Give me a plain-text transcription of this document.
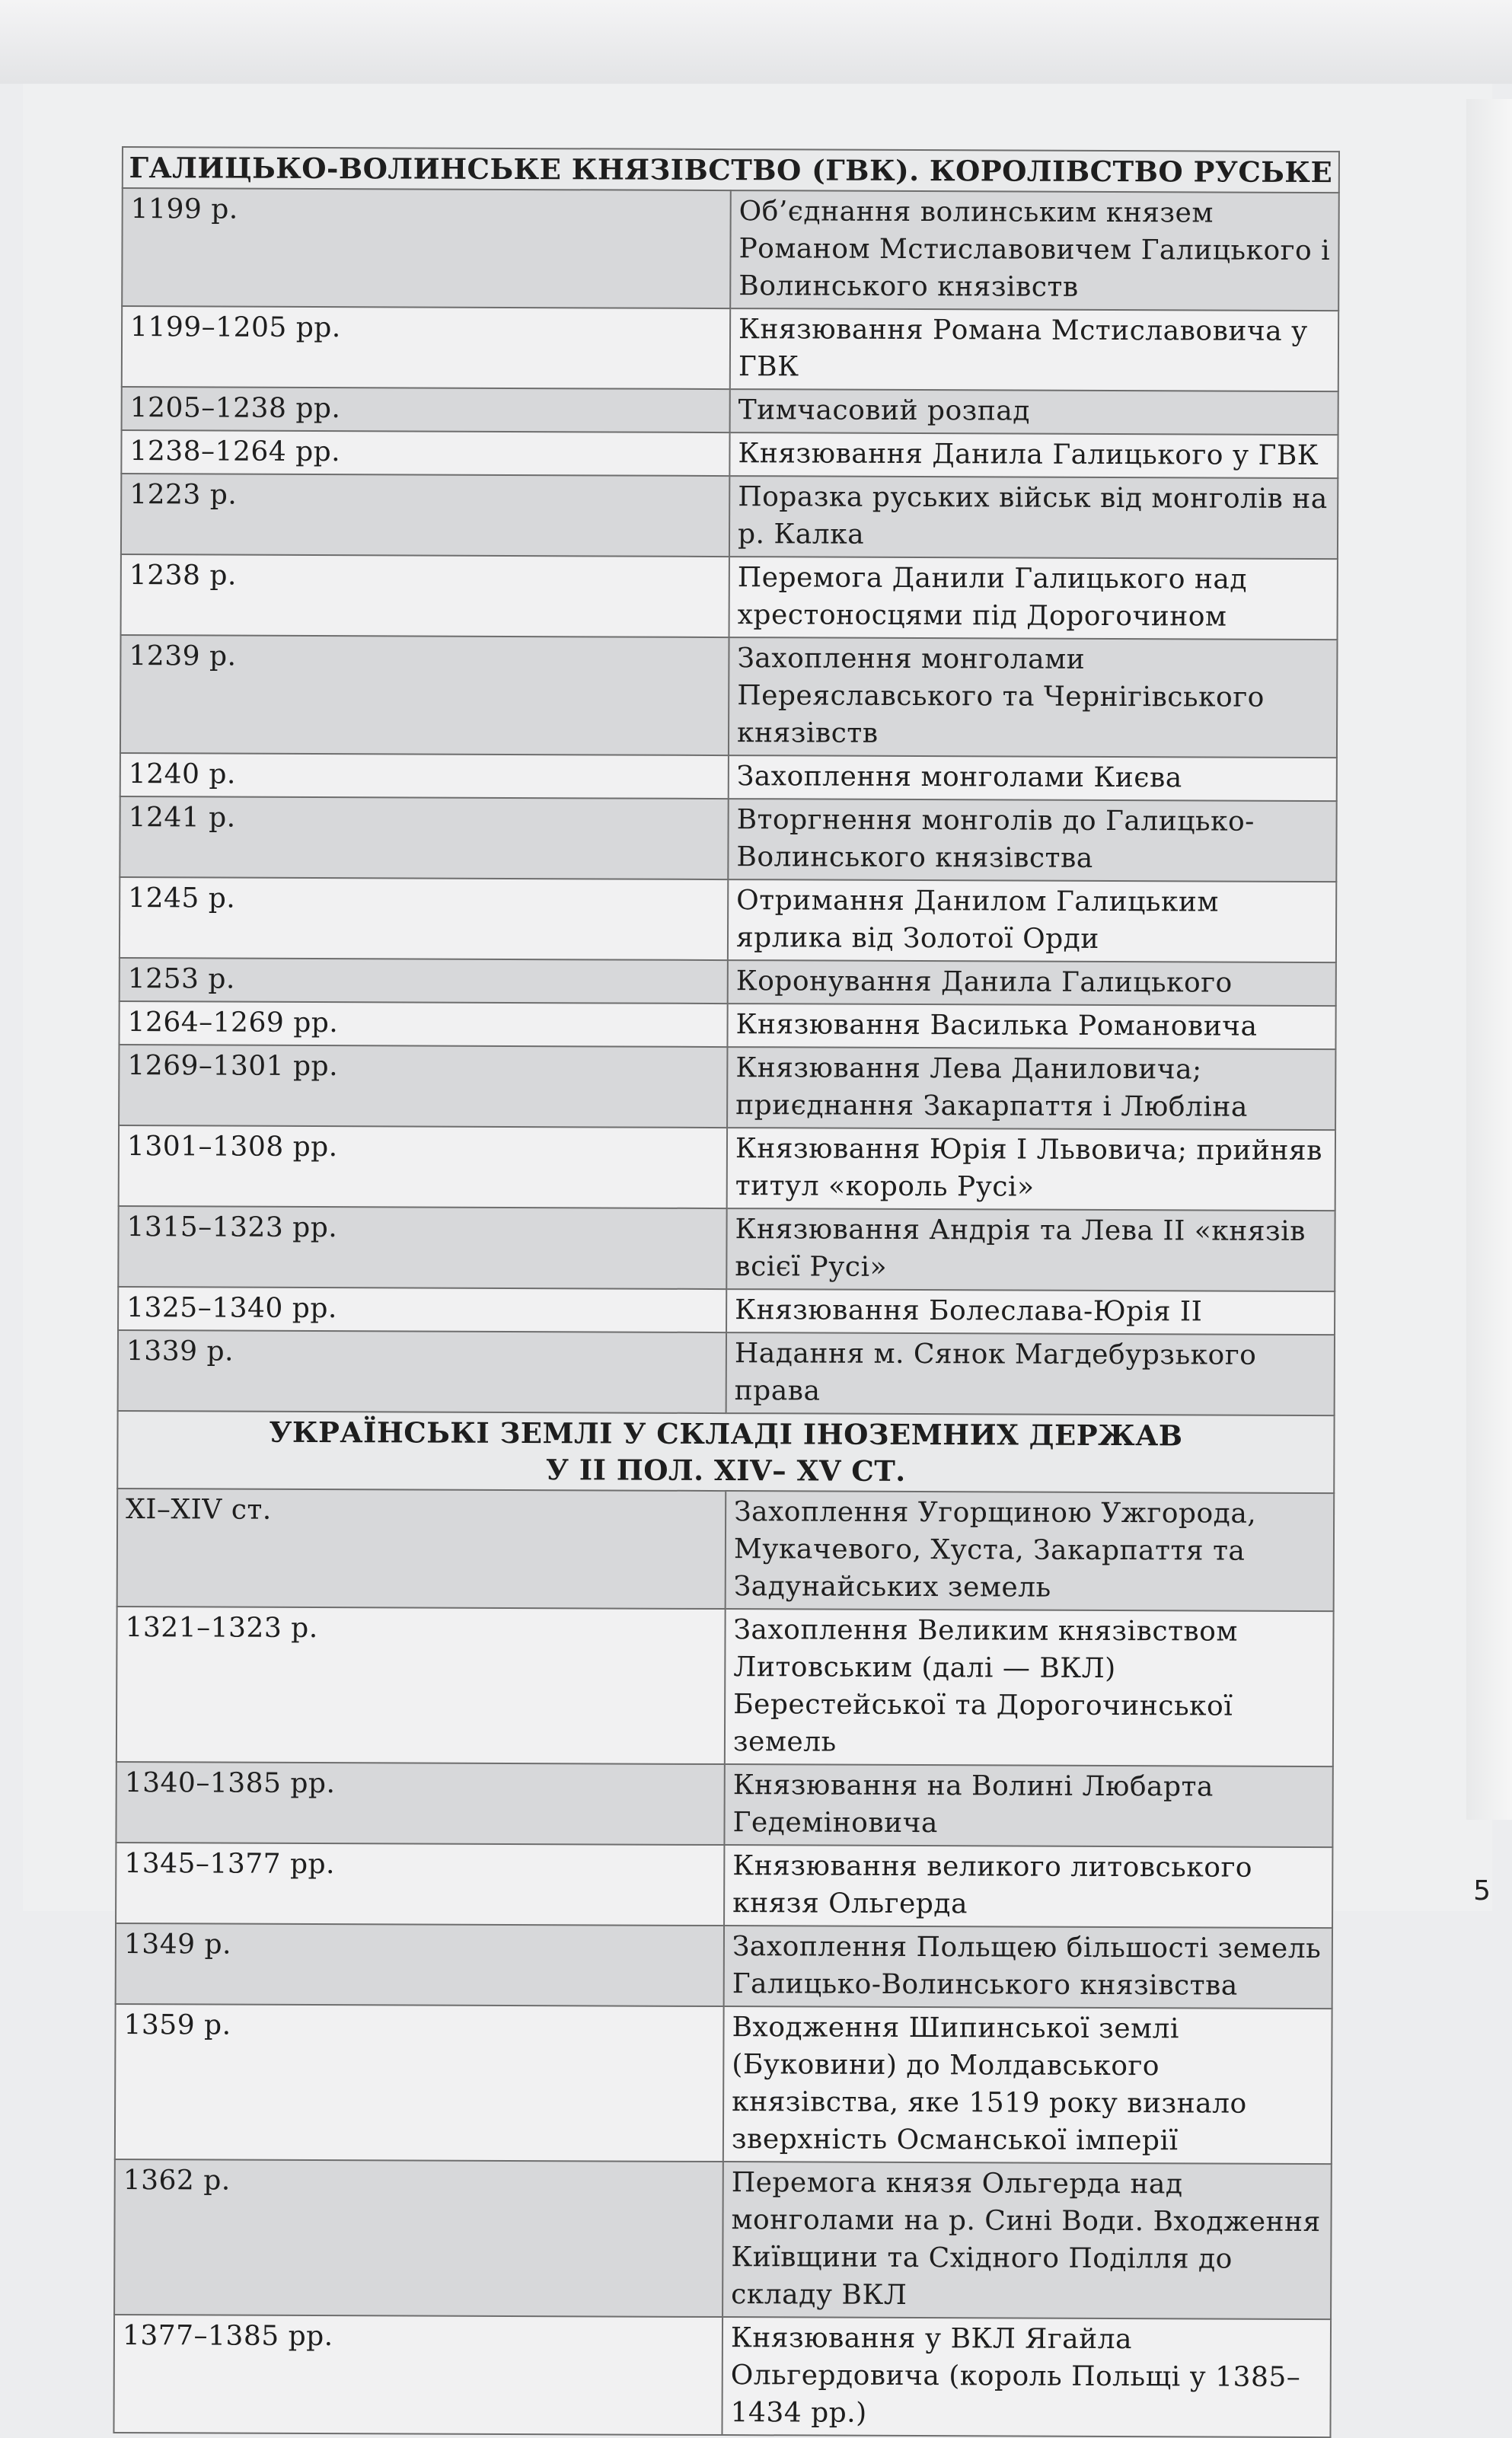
ГАЛИЦЬКО-ВОЛИНСЬКЕ КНЯЗІВСТВО (ГВК). КОРОЛІВСТВО РУСЬКЕ	

1199 р.	Об’єднання волинським князем Романом Мстиславовичем Галицького і Волинського князівств
1199–1205 рр.	Князювання Романа Мстиславовича у ГВК
1205–1238 рр.	Тимчасовий розпад
1238–1264 рр.	Князювання Данила Галицького у ГВК
1223 р.	Поразка руських військ від монголів на р. Калка
1238 р.	Перемога Данили Галицького над хрестоносцями під Дорогочином
1239 р.	Захоплення монголами Переяславського та Чернігівського князівств
1240 р.	Захоплення монголами Києва
1241 р.	Вторгнення монголів до Галицько-Волинського князівства
1245 р.	Отримання Данилом Галицьким ярлика від Золотої Орди
1253 р.	Коронування Данила Галицького
1264–1269 рр.	Князювання Василька Романовича
1269–1301 рр.	Князювання Лева Даниловича; приєднання Закарпаття і Любліна
1301–1308 рр.	Князювання Юрія I Львовича; прийняв титул «король Русі»
1315–1323 рр.	Князювання Андрія та Лева II «князів всієї Русі»
1325–1340 рр.	Князювання Болеслава-Юрія II
1339 р.	Надання м. Сянок Магдебурзького права

УКРАЇНСЬКІ ЗЕМЛІ У СКЛАДІ ІНОЗЕМНИХ ДЕРЖАВ
У II ПОЛ. XIV– XV СТ.	

XI–XIV ст.	Захоплення Угорщиною Ужгорода, Мукачевого, Хуста, Закарпаття та Задунайських земель
1321–1323 р.	Захоплення Великим князівством Литовським (далі — ВКЛ) Берестейської та Дорогочинської земель
1340–1385 рр.	Князювання на Волині Любарта Гедеміновича
1345–1377 рр.	Князювання великого литовського князя Ольгерда
1349 р.	Захоплення Польщею більшості земель Галицько-Волинського князівства
1359 р.	Входження Шипинської землі (Буковини) до Молдавського князівства, яке 1519 року визнало зверхність Османської імперії
1362 р.	Перемога князя Ольгерда над монголами на р. Сині Води. Входження Київщини та Східного Поділля до складу ВКЛ
1377–1385 рр.	Князювання у ВКЛ Ягайла Ольгердовича (король Польщі у 1385–1434 рр.)
5
